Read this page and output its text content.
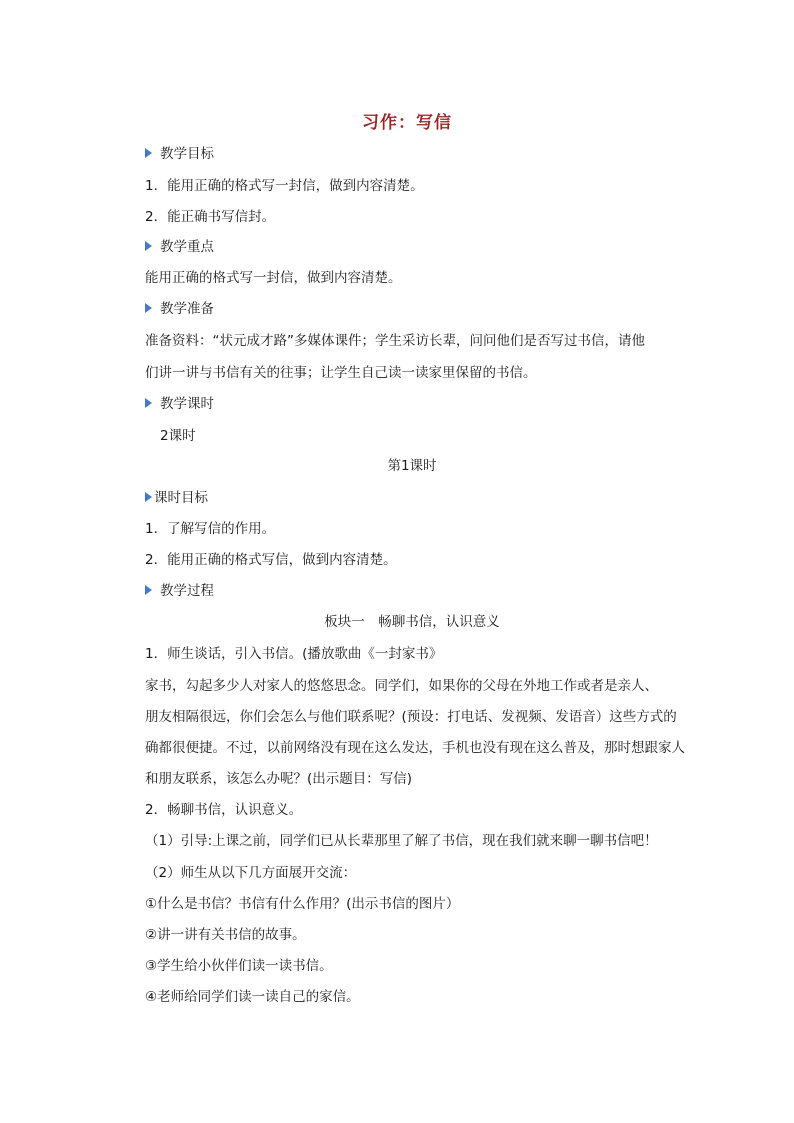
习作：写信
教学目标
1．能用正确的格式写一封信，做到内容清楚。
2．能正确书写信封。
教学重点
能用正确的格式写一封信，做到内容清楚。
教学准备
准备资料：“状元成才路”多媒体课件；学生采访长辈，问问他们是否写过书信，请他
们讲一讲与书信有关的往事；让学生自己读一读家里保留的书信。
教学课时
2课时
第1课时
课时目标
1．了解写信的作用。
2．能用正确的格式写信，做到内容清楚。
教学过程
板块一　畅聊书信，认识意义
1．师生谈话，引入书信。(播放歌曲《一封家书》
家书，勾起多少人对家人的悠悠思念。同学们，如果你的父母在外地工作或者是亲人、
朋友相隔很远，你们会怎么与他们联系呢？(预设：打电话、发视频、发语音）这些方式的
确都很便捷。不过，以前网络没有现在这么发达，手机也没有现在这么普及，那时想跟家人
和朋友联系，该怎么办呢？(出示题目：写信)
2．畅聊书信，认识意义。
（1）引导:上课之前，同学们已从长辈那里了解了书信，现在我们就来聊一聊书信吧！
（2）师生从以下几方面展开交流：
①什么是书信？书信有什么作用？(出示书信的图片）
②讲一讲有关书信的故事。
③学生给小伙伴们读一读书信。
④老师给同学们读一读自己的家信。
